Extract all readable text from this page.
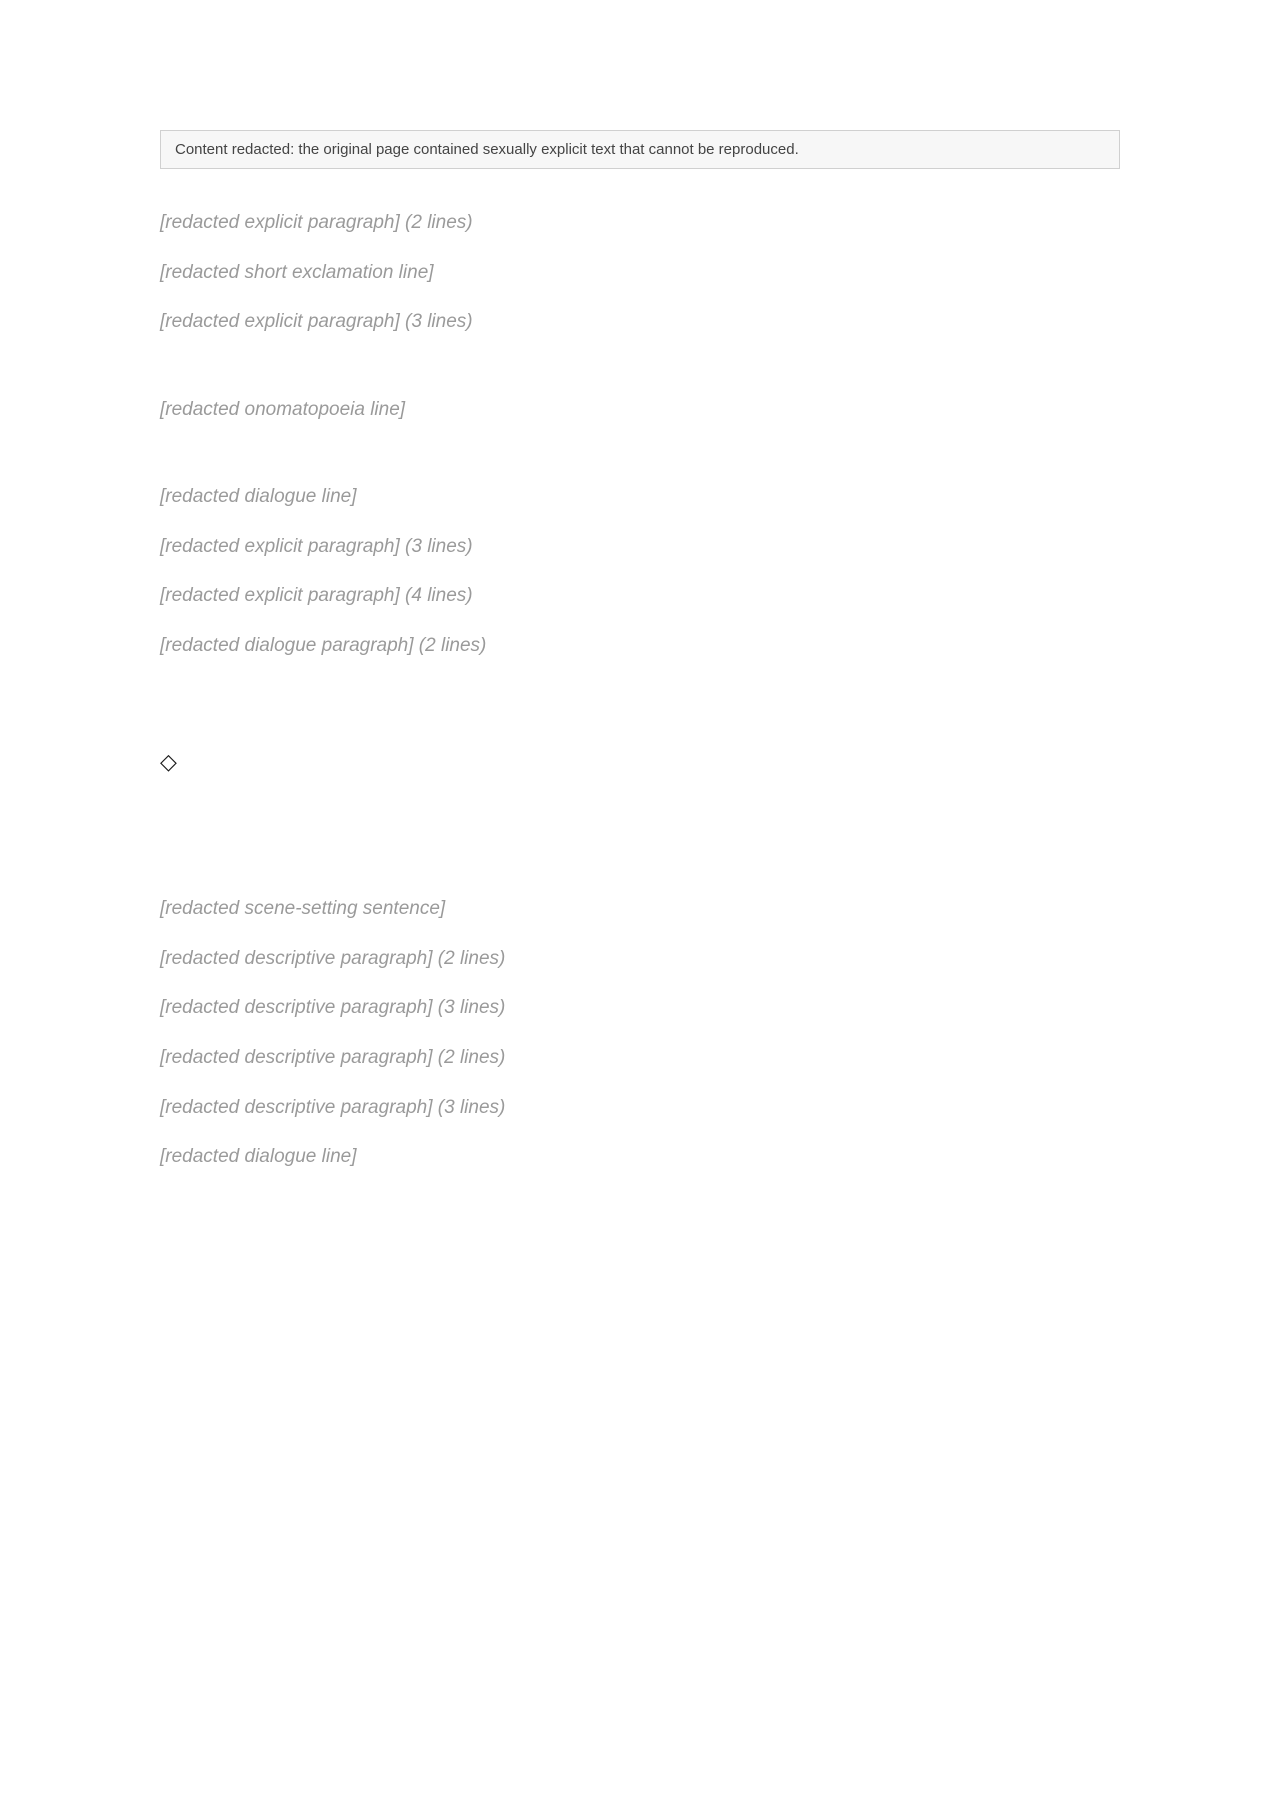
Content redacted: the original page contained sexually explicit text that cannot be reproduced.

[redacted explicit paragraph] (2 lines)

[redacted short exclamation line]

[redacted explicit paragraph] (3 lines)

[redacted onomatopoeia line]

[redacted dialogue line]

[redacted explicit paragraph] (3 lines)

[redacted explicit paragraph] (4 lines)

[redacted dialogue paragraph] (2 lines)

◇

[redacted scene-setting sentence]

[redacted descriptive paragraph] (2 lines)

[redacted descriptive paragraph] (3 lines)

[redacted descriptive paragraph] (2 lines)

[redacted descriptive paragraph] (3 lines)

[redacted dialogue line]
